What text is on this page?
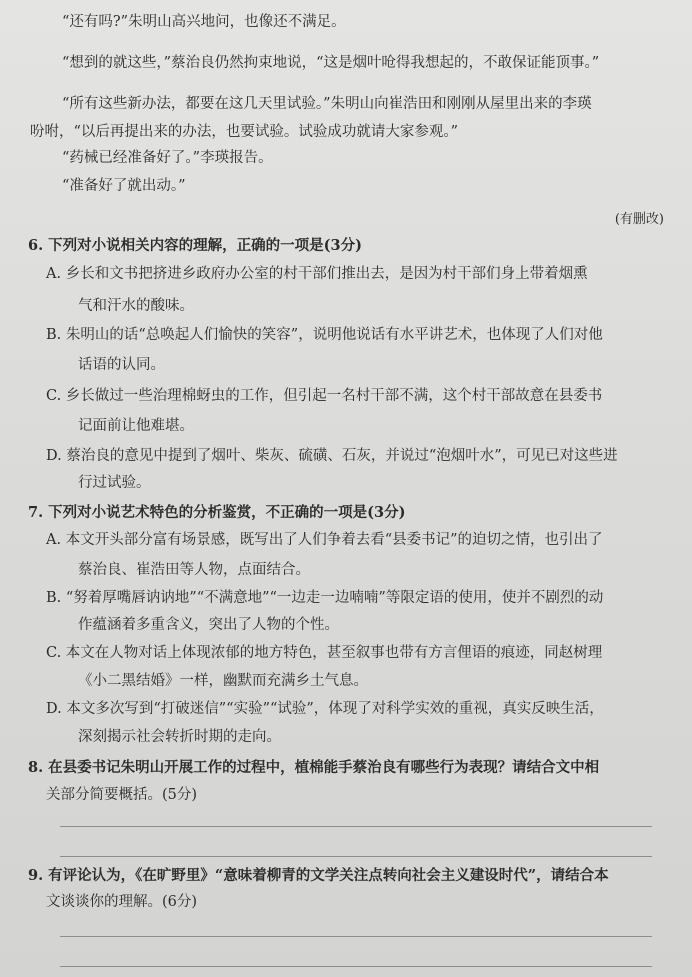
“还有吗?”朱明山高兴地问，也像还不满足。
“想到的就这些，”蔡治良仍然拘束地说，“这是烟叶呛得我想起的，不敢保证能顶事。”
“所有这些新办法，都要在这几天里试验。”朱明山向崔浩田和刚刚从屋里出来的李瑛
吩咐，“以后再提出来的办法，也要试验。试验成功就请大家参观。”
“药械已经准备好了。”李瑛报告。
“准备好了就出动。”
(有删改)
6. 下列对小说相关内容的理解，正确的一项是(3分)
A. 乡长和文书把挤进乡政府办公室的村干部们推出去，是因为村干部们身上带着烟熏
气和汗水的酸味。
B. 朱明山的话“总唤起人们愉快的笑容”，说明他说话有水平讲艺术，也体现了人们对他
话语的认同。
C. 乡长做过一些治理棉蚜虫的工作，但引起一名村干部不满，这个村干部故意在县委书
记面前让他难堪。
D. 蔡治良的意见中提到了烟叶、柴灰、硫磺、石灰，并说过“泡烟叶水”，可见已对这些进
行过试验。
7. 下列对小说艺术特色的分析鉴赏，不正确的一项是(3分)
A. 本文开头部分富有场景感，既写出了人们争着去看“县委书记”的迫切之情，也引出了
蔡治良、崔浩田等人物，点面结合。
B. “努着厚嘴唇讷讷地”“不满意地”“一边走一边喃喃”等限定语的使用，使并不剧烈的动
作蕴涵着多重含义，突出了人物的个性。
C. 本文在人物对话上体现浓郁的地方特色，甚至叙事也带有方言俚语的痕迹，同赵树理
《小二黑结婚》一样，幽默而充满乡土气息。
D. 本文多次写到“打破迷信”“实验”“试验”，体现了对科学实效的重视，真实反映生活，
深刻揭示社会转折时期的走向。
8. 在县委书记朱明山开展工作的过程中，植棉能手蔡治良有哪些行为表现？请结合文中相
关部分简要概括。(5分)
9. 有评论认为，《在旷野里》“意味着柳青的文学关注点转向社会主义建设时代”，请结合本
文谈谈你的理解。(6分)
